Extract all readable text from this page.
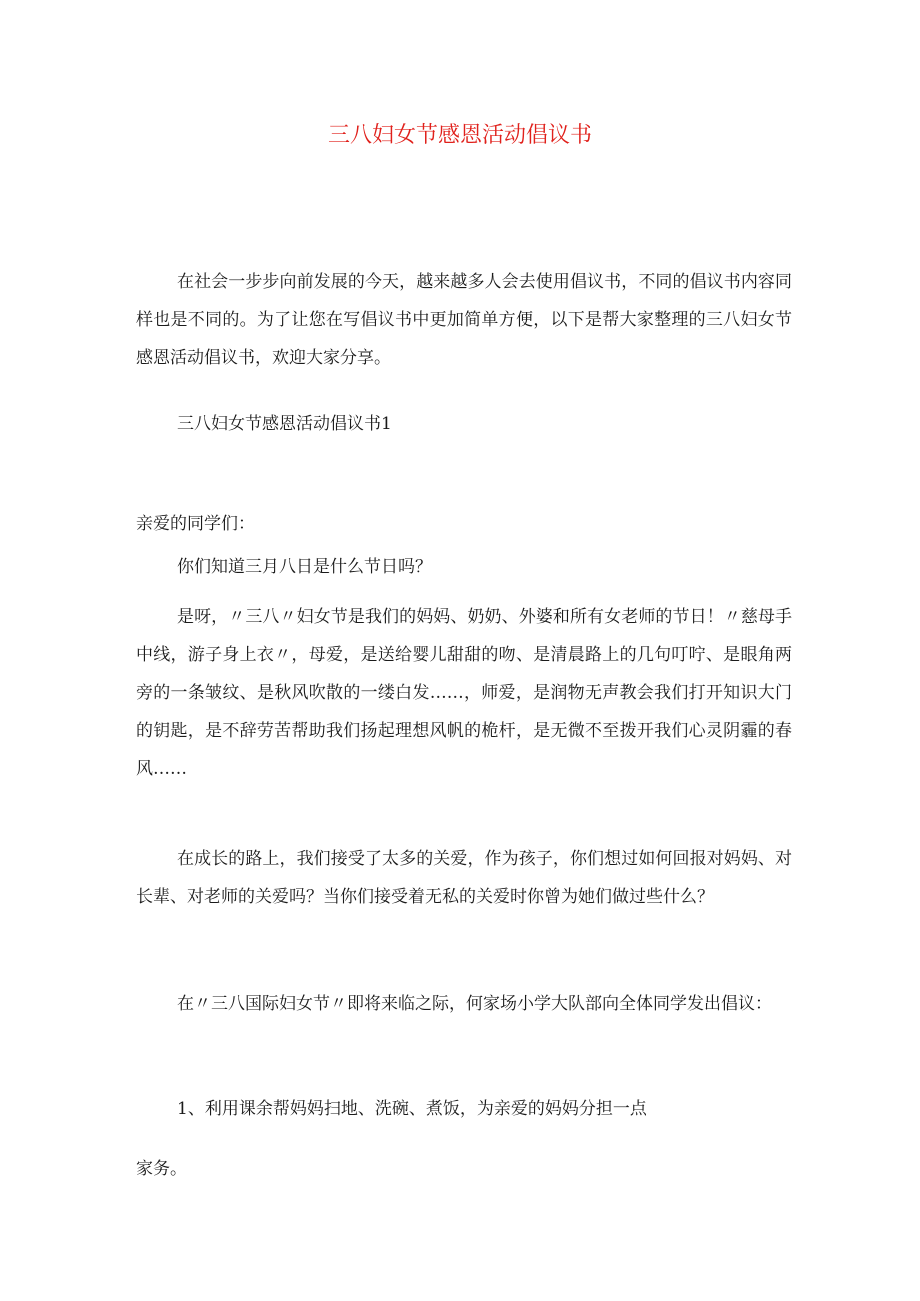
三八妇女节感恩活动倡议书

在社会一步步向前发展的今天，越来越多人会去使用倡议书，不同的倡议书内容同样也是不同的。为了让您在写倡议书中更加简单方便，以下是帮大家整理的三八妇女节感恩活动倡议书，欢迎大家分享。

三八妇女节感恩活动倡议书1

亲爱的同学们：

你们知道三月八日是什么节日吗？

是呀，〃三八〃妇女节是我们的妈妈、奶奶、外婆和所有女老师的节日！〃慈母手中线，游子身上衣〃，母爱，是送给婴儿甜甜的吻、是清晨路上的几句叮咛、是眼角两旁的一条皱纹、是秋风吹散的一缕白发……，师爱，是润物无声教会我们打开知识大门的钥匙，是不辞劳苦帮助我们扬起理想风帆的桅杆，是无微不至拨开我们心灵阴霾的春风……

在成长的路上，我们接受了太多的关爱，作为孩子，你们想过如何回报对妈妈、对长辈、对老师的关爱吗？当你们接受着无私的关爱时你曾为她们做过些什么？

在〃三八国际妇女节〃即将来临之际，何家场小学大队部向全体同学发出倡议：

1、利用课余帮妈妈扫地、洗碗、煮饭，为亲爱的妈妈分担一点

家务。
